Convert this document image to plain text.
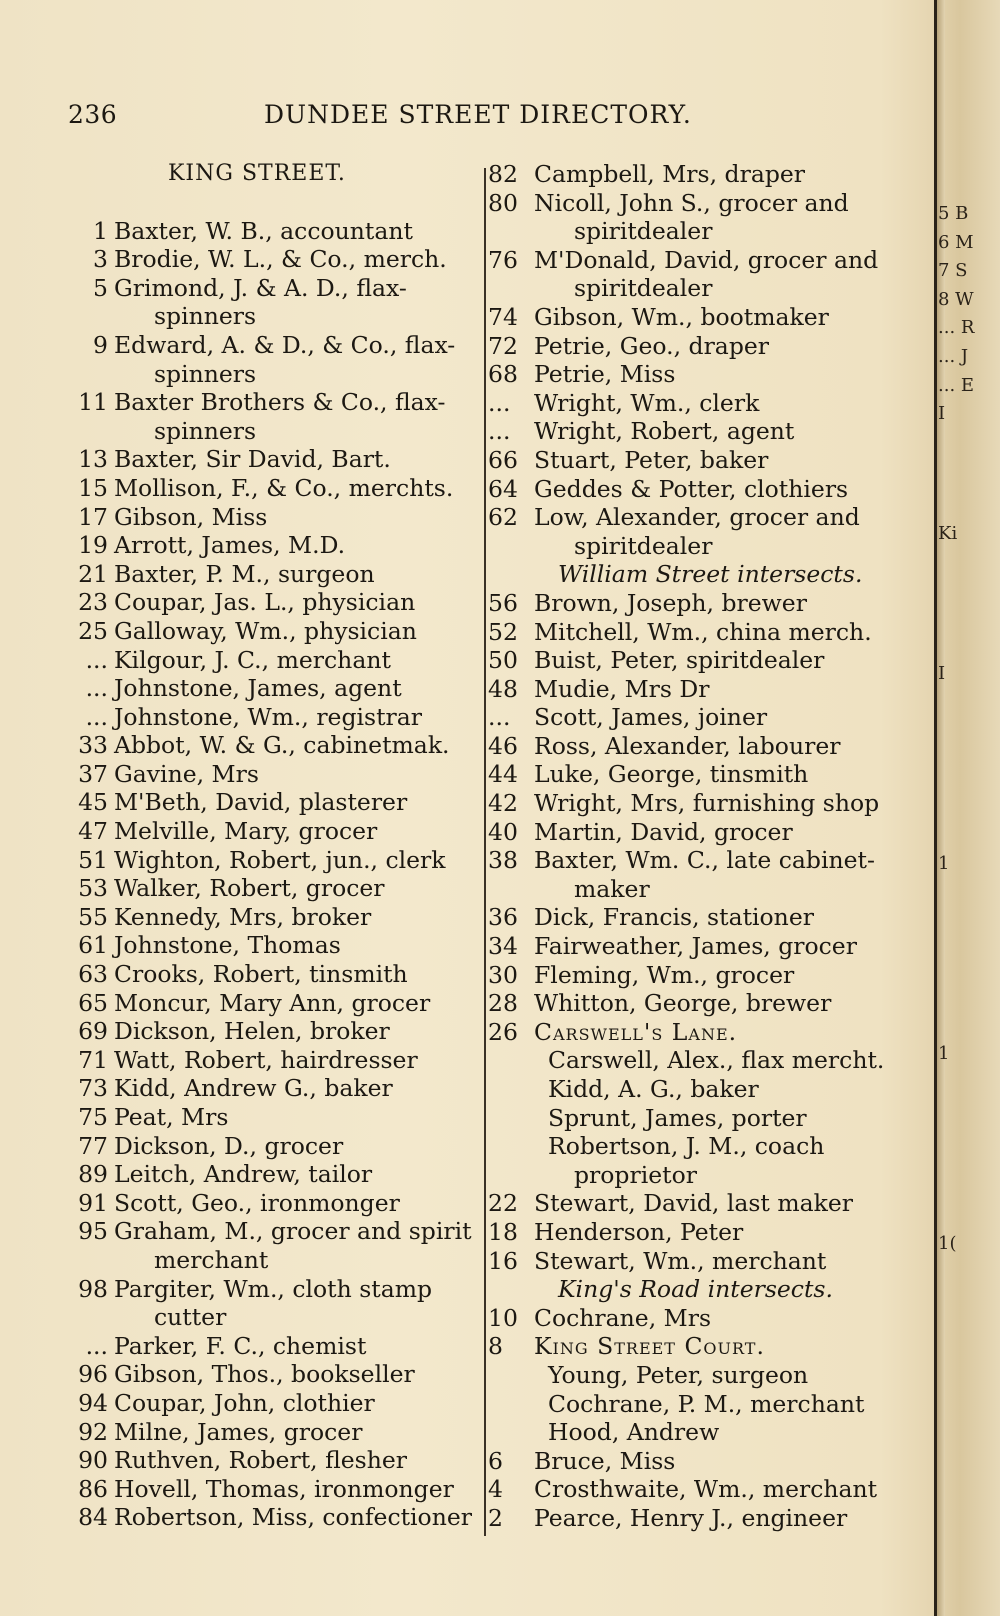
236	DUNDEE STREET DIRECTORY.
KING STREET.
1 Baxter, W. B., accountant
3 Brodie, W. L., & Co., merch.
5 Grimond, J. & A. D., flax-
spinners
9 Edward, A. & D., & Co., flax-
spinners
11 Baxter Brothers & Co., flax-
spinners
13 Baxter, Sir David, Bart.
15 Mollison, F., & Co., merchts.
17 Gibson, Miss
19 Arrott, James, M.D.
21 Baxter, P. M., surgeon
23 Coupar, Jas. L., physician
25 Galloway, Wm., physician
... Kilgour, J. C., merchant
... Johnstone, James, agent
... Johnstone, Wm., registrar
33 Abbot, W. & G., cabinetmak.
37 Gavine, Mrs
45 M'Beth, David, plasterer
47 Melville, Mary, grocer
51 Wighton, Robert, jun., clerk
53 Walker, Robert, grocer
55 Kennedy, Mrs, broker
61 Johnstone, Thomas
63 Crooks, Robert, tinsmith
65 Moncur, Mary Ann, grocer
69 Dickson, Helen, broker
71 Watt, Robert, hairdresser
73 Kidd, Andrew G., baker
75 Peat, Mrs
77 Dickson, D., grocer
89 Leitch, Andrew, tailor
91 Scott, Geo., ironmonger
95 Graham, M., grocer and spirit
merchant
98 Pargiter, Wm., cloth stamp
cutter
... Parker, F. C., chemist
96 Gibson, Thos., bookseller
94 Coupar, John, clothier
92 Milne, James, grocer
90 Ruthven, Robert, flesher
86 Hovell, Thomas, ironmonger
84 Robertson, Miss, confectioner
82 Campbell, Mrs, draper
80 Nicoll, John S., grocer and
spiritdealer
76 M'Donald, David, grocer and
spiritdealer
74 Gibson, Wm., bootmaker
72 Petrie, Geo., draper
68 Petrie, Miss
...	Wright, Wm., clerk
...	Wright, Robert, agent
66 Stuart, Peter, baker
64 Geddes & Potter, clothiers
62 Low, Alexander, grocer and
spiritdealer
William Street intersects.
56 Brown, Joseph, brewer
52 Mitchell, Wm., china merch.
50 Buist, Peter, spiritdealer
48 Mudie, Mrs Dr
...	Scott, James, joiner
46 Ross, Alexander, labourer
44 Luke, George, tinsmith
42 Wright, Mrs, furnishing shop
40 Martin, David, grocer
38 Baxter, Wm. C., late cabinet-
maker
36 Dick, Francis, stationer
34 Fairweather, James, grocer
30 Fleming, Wm., grocer
28 Whitton, George, brewer
26 Carswell's Lane.
Carswell, Alex., flax mercht.
Kidd, A. G., baker
Sprunt, James, porter
Robertson, J. M., coach
proprietor
22 Stewart, David, last maker
18 Henderson, Peter
16 Stewart, Wm., merchant
King's Road intersects.
10 Cochrane, Mrs
8	King Street Court.
Young, Peter, surgeon
Cochrane, P. M., merchant
Hood, Andrew
6	Bruce, Miss
4	Crosthwaite, Wm., merchant
2	Pearce, Henry J., engineer
5 B
6 M
7 S
8 W
... R
... J
... E
I
Ki
I
1
1
1(
